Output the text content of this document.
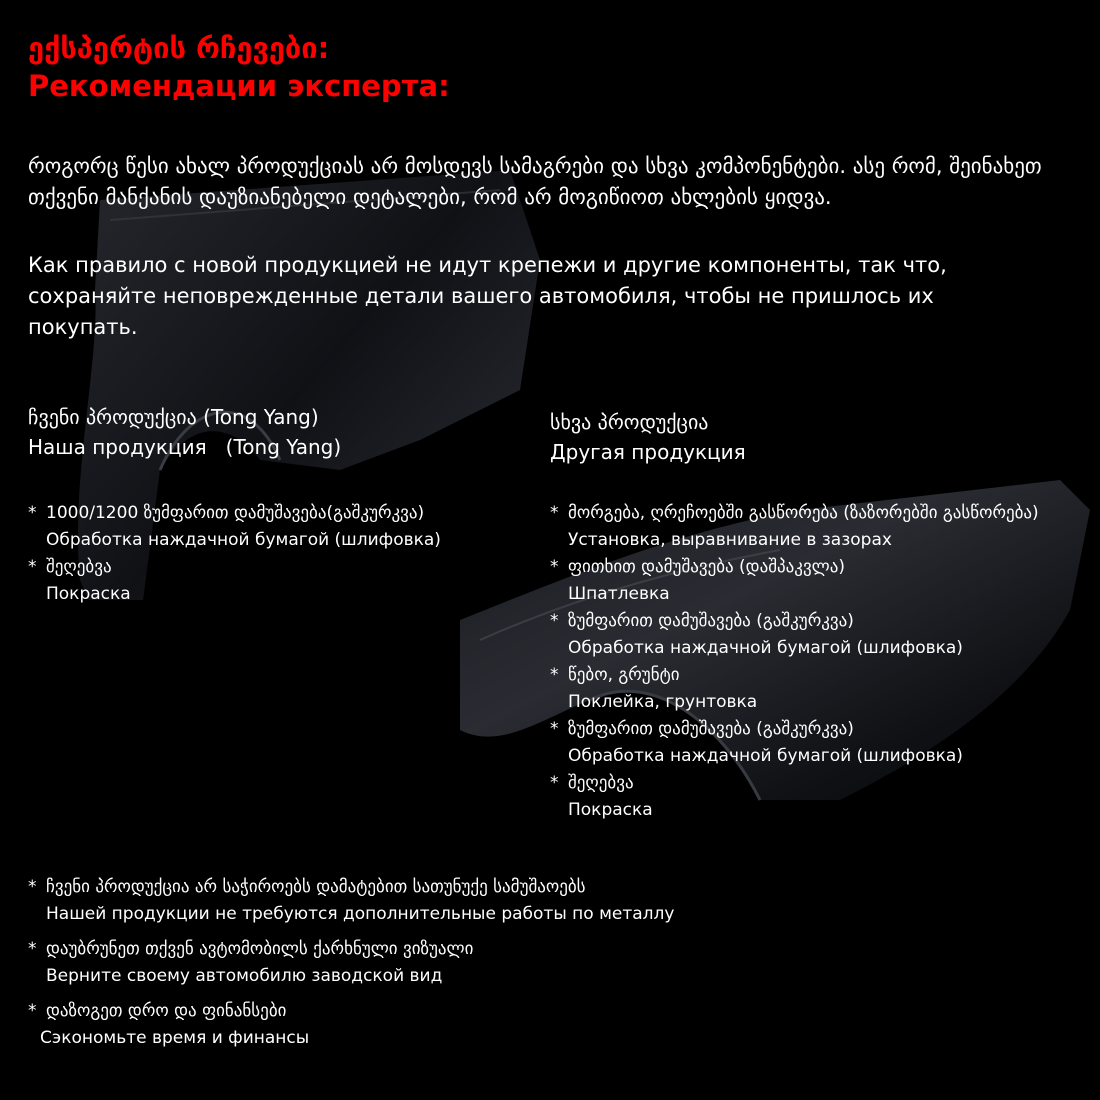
ექსპერტის რჩევები:
Рекомендации эксперта:
როგორც წესი ახალ პროდუქციას არ მოსდევს სამაგრები და სხვა კომპონენტები. ასე რომ, შეინახეთ თქვენი მანქანის დაუზიანებელი დეტალები, რომ არ მოგიწიოთ ახლების ყიდვა.
Как правило с новой продукцией не идут крепежи и другие компоненты, так что, сохраняйте неповрежденные детали вашего автомобиля, чтобы не пришлось их покупать.
ჩვენი პროდუქცია (Tong Yang)
Наша продукция   (Tong Yang)
* 1000/1200 ზუმფარით დამუშავება(გაშკურკვა)
Обработка наждачной бумагой (шлифовка)
* შეღებვა
Покраска
სხვა პროდუქცია
Другая продукция
* მორგება, ღრეჩოებში გასწორება (ზაზორებში გასწორება)
Установка, выравнивание в зазорах
* ფითხით დამუშავება (დაშპაკვლა)
Шпатлевка
* ზუმფარით დამუშავება (გაშკურკვა)
Обработка наждачной бумагой (шлифовка)
* წებო, გრუნტი
Поклейка, грунтовка
* ზუმფარით დამუშავება (გაშკურკვა)
Обработка наждачной бумагой (шлифовка)
* შეღებვა
Покраска
* ჩვენი პროდუქცია არ საჭიროებს დამატებით სათუნუქე სამუშაოებს
Нашей продукции не требуются дополнительные работы по металлу
* დაუბრუნეთ თქვენ ავტომობილს ქარხნული ვიზუალი
Верните своему автомобилю заводской вид
* დაზოგეთ დრო და ფინანსები
Сэкономьте время и финансы
